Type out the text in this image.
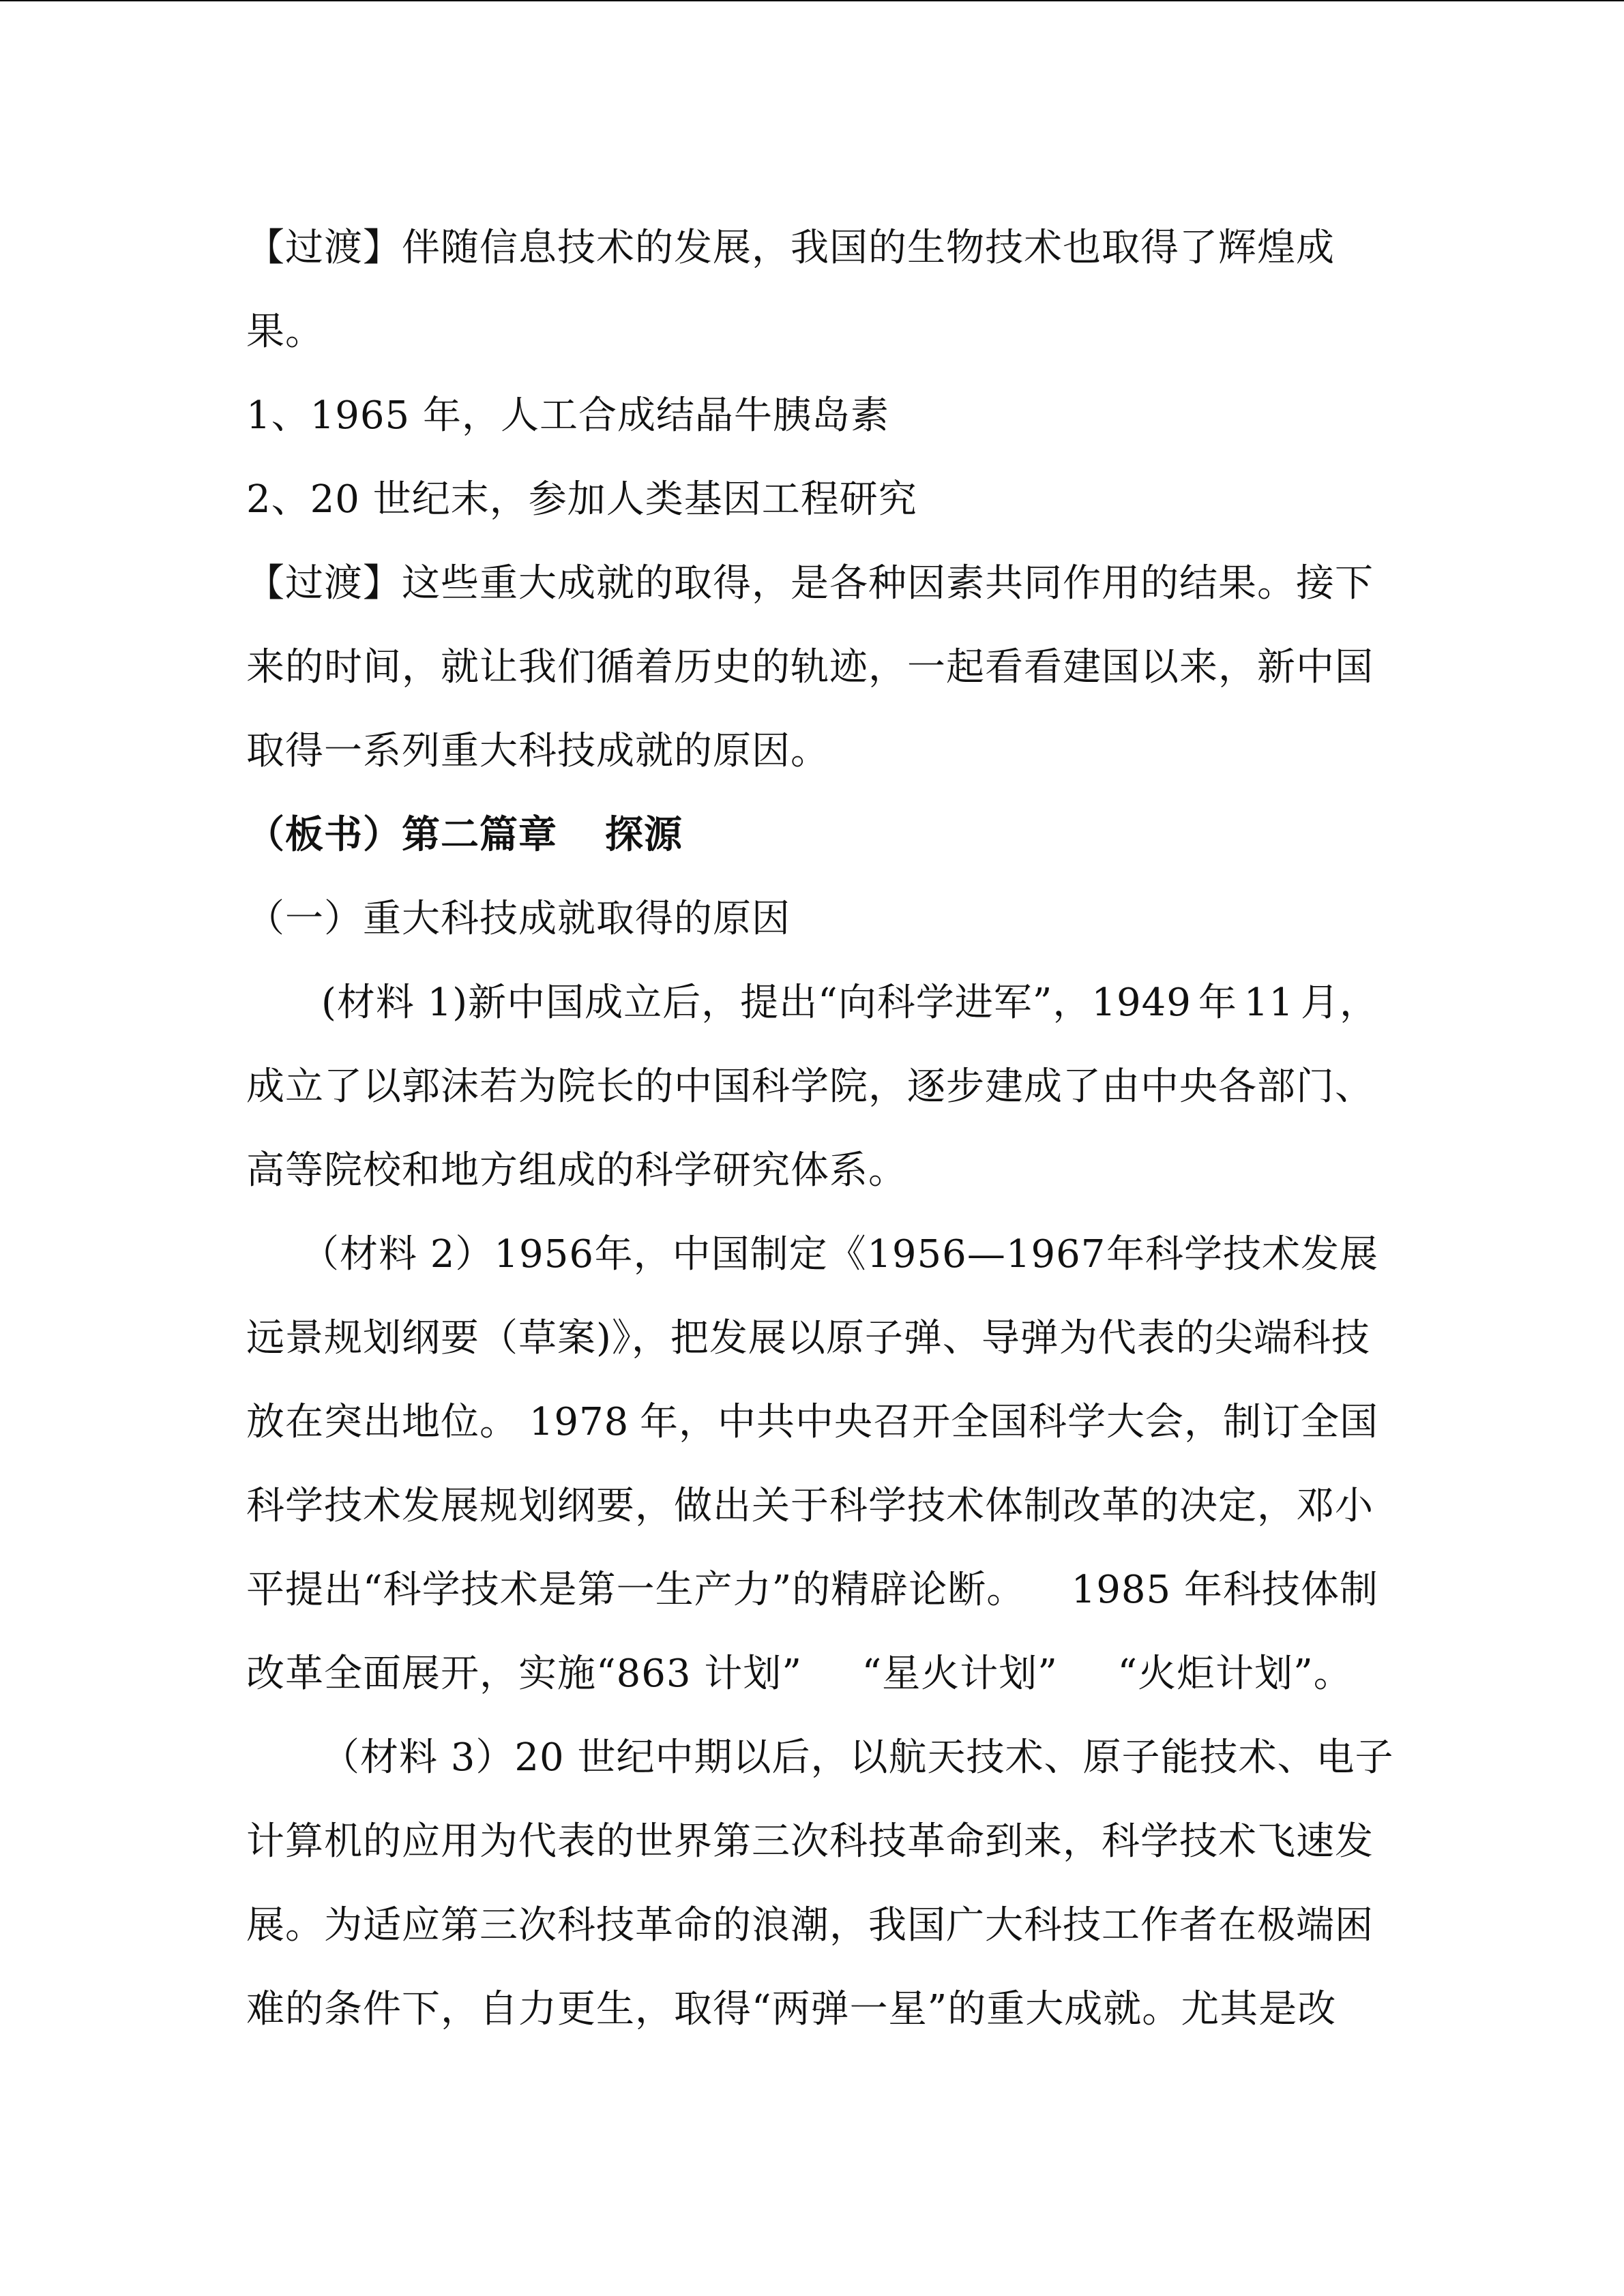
【过渡】伴随信息技术的发展，我国的生物技术也取得了辉煌成
果。
1、1965 年，人工合成结晶牛胰岛素
2、20 世纪末，参加人类基因工程研究
【过渡】这些重大成就的取得，是各种因素共同作用的结果。接下
来的时间，就让我们循着历史的轨迹，一起看看建国以来，新中国
取得一系列重大科技成就的原因。
（板书）第二篇章 探源
（一）重大科技成就取得的原因
(材料 1)新中国成立后，提出“向科学进军”，1949 年 11 月，
成立了以郭沫若为院长的中国科学院，逐步建成了由中央各部门、
高等院校和地方组成的科学研究体系。
（材料 2）1956 年，中国制定《 1956—1967 年科学技术发展
远景规划纲要（草案)》，把发展以原子弹、导弹为代表的尖端科技
放在突出地位。 1978 年，中共中央召开全国科学大会，制订全国
科学技术发展规划纲要，做出关于科学技术体制改革的决定，邓小
平提出“科学技术是第一生产力”的精辟论断。 1985 年科技体制
改革全面展开，实施“863 计划” “星火计划” “火炬计划”。
（材料 3）20 世纪中期以后，以航天技术、原子能技术、电子
计算机的应用为代表的世界第三次科技革命到来，科学技术飞速发
展。为适应第三次科技革命的浪潮，我国广大科技工作者在极端困
难的条件下，自力更生，取得“两弹一星”的重大成就。尤其是改
